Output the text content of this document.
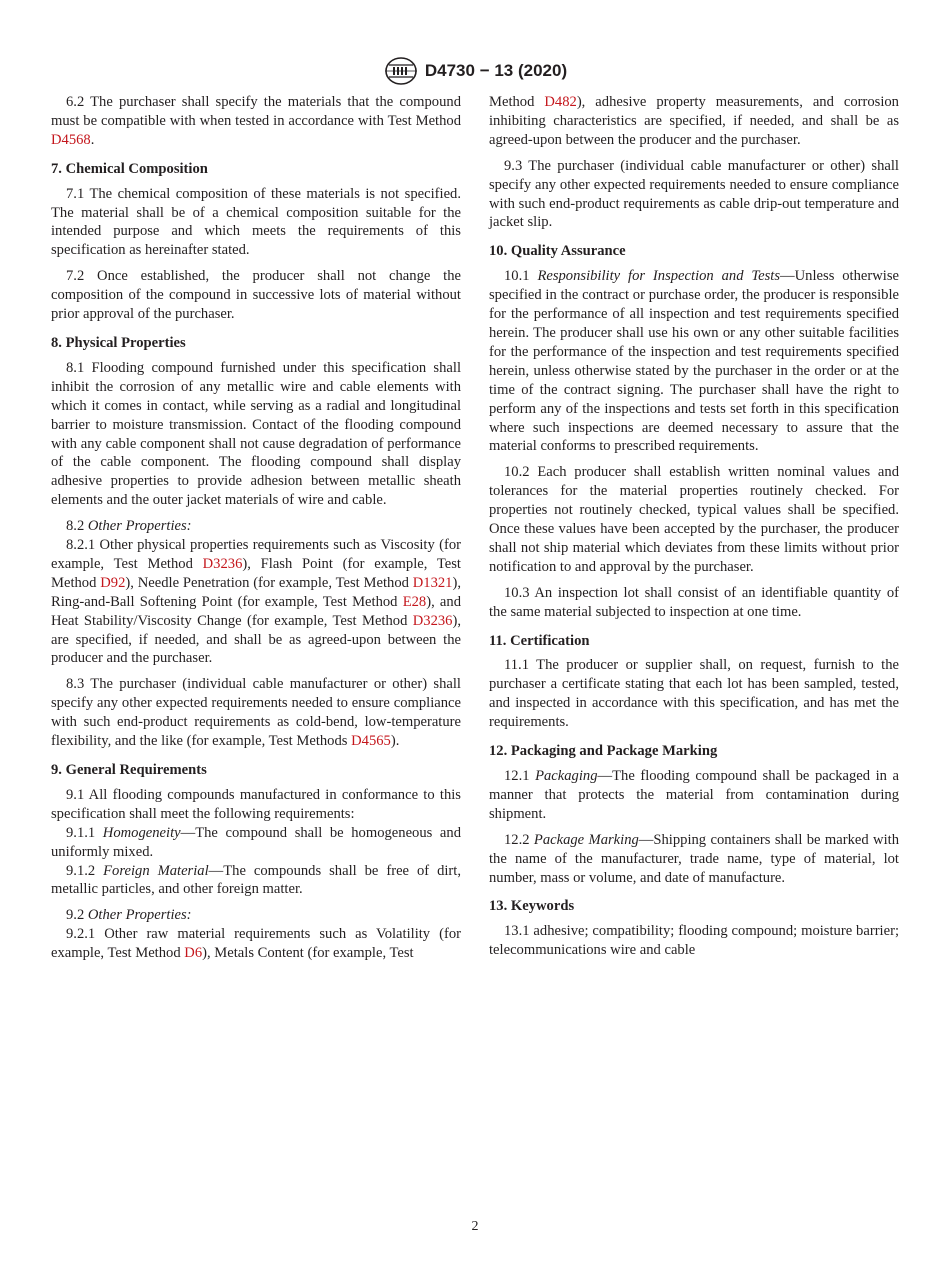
D4730 − 13 (2020)

6.2 The purchaser shall specify the materials that the compound must be compatible with when tested in accordance with Test Method D4568.

7. Chemical Composition

7.1 The chemical composition of these materials is not specified. The material shall be of a chemical composition suitable for the intended purpose and which meets the requirements of this specification as hereinafter stated.

7.2 Once established, the producer shall not change the composition of the compound in successive lots of material without prior approval of the purchaser.

8. Physical Properties

8.1 Flooding compound furnished under this specification shall inhibit the corrosion of any metallic wire and cable elements with which it comes in contact, while serving as a radial and longitudinal barrier to moisture transmission. Contact of the flooding compound with any cable component shall not cause degradation of performance of the cable component. The flooding compound shall display adhesive properties to provide adhesion between metallic sheath elements and the outer jacket materials of wire and cable.

8.2 Other Properties:

8.2.1 Other physical properties requirements such as Viscosity (for example, Test Method D3236), Flash Point (for example, Test Method D92), Needle Penetration (for example, Test Method D1321), Ring-and-Ball Softening Point (for example, Test Method E28), and Heat Stability/Viscosity Change (for example, Test Method D3236), are specified, if needed, and shall be as agreed-upon between the producer and the purchaser.

8.3 The purchaser (individual cable manufacturer or other) shall specify any other expected requirements needed to ensure compliance with such end-product requirements as cold-bend, low-temperature flexibility, and the like (for example, Test Methods D4565).

9. General Requirements

9.1 All flooding compounds manufactured in conformance to this specification shall meet the following requirements:

9.1.1 Homogeneity—The compound shall be homogeneous and uniformly mixed.

9.1.2 Foreign Material—The compounds shall be free of dirt, metallic particles, and other foreign matter.

9.2 Other Properties:

9.2.1 Other raw material requirements such as Volatility (for example, Test Method D6), Metals Content (for example, Test

Method D482), adhesive property measurements, and corrosion inhibiting characteristics are specified, if needed, and shall be as agreed-upon between the producer and the purchaser.

9.3 The purchaser (individual cable manufacturer or other) shall specify any other expected requirements needed to ensure compliance with such end-product requirements as cable drip-out temperature and jacket slip.

10. Quality Assurance

10.1 Responsibility for Inspection and Tests—Unless otherwise specified in the contract or purchase order, the producer is responsible for the performance of all inspection and test requirements specified herein. The producer shall use his own or any other suitable facilities for the performance of the inspection and test requirements specified herein, unless otherwise stated by the purchaser in the order or at the time of the contract signing. The purchaser shall have the right to perform any of the inspections and tests set forth in this specification where such inspections are deemed necessary to assure that the material conforms to prescribed requirements.

10.2 Each producer shall establish written nominal values and tolerances for the material properties routinely checked. For properties not routinely checked, typical values shall be specified. Once these values have been accepted by the purchaser, the producer shall not ship material which deviates from these limits without prior notification to and approval by the purchaser.

10.3 An inspection lot shall consist of an identifiable quantity of the same material subjected to inspection at one time.

11. Certification

11.1 The producer or supplier shall, on request, furnish to the purchaser a certificate stating that each lot has been sampled, tested, and inspected in accordance with this specification, and has met the requirements.

12. Packaging and Package Marking

12.1 Packaging—The flooding compound shall be packaged in a manner that protects the material from contamination during shipment.

12.2 Package Marking—Shipping containers shall be marked with the name of the manufacturer, trade name, type of material, lot number, mass or volume, and date of manufacture.

13. Keywords

13.1 adhesive; compatibility; flooding compound; moisture barrier; telecommunications wire and cable

2
